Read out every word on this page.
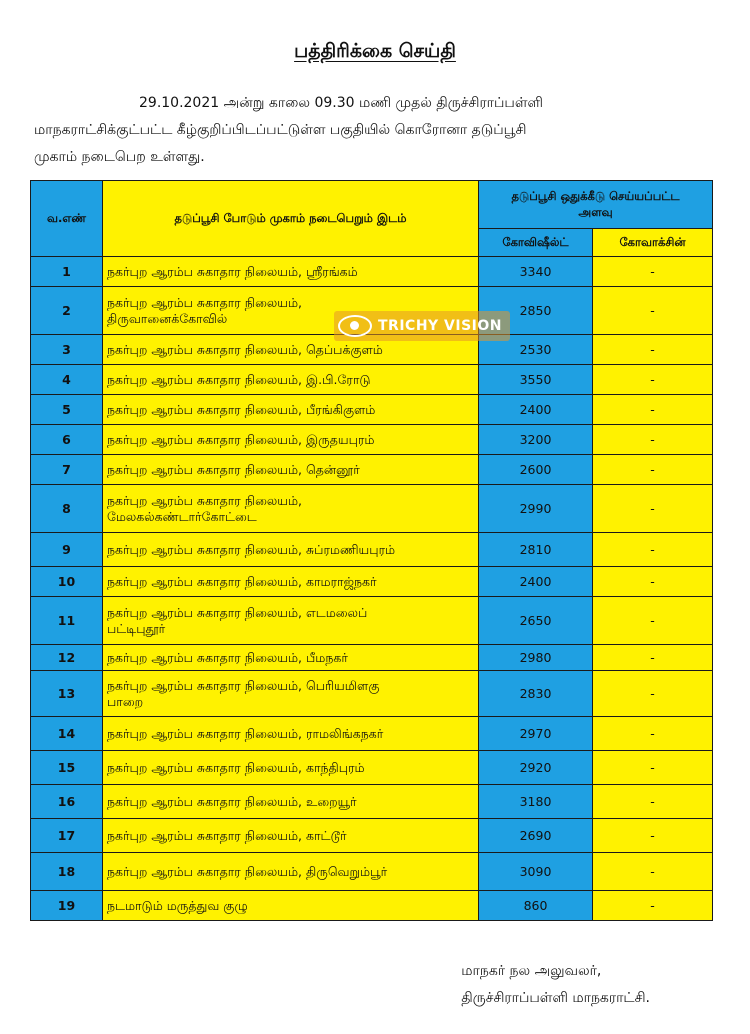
பத்திரிக்கை செய்தி
29.10.2021 அன்று காலை 09.30 மணி முதல் திருச்சிராப்பள்ளி
மாநகராட்சிக்குட்பட்ட கீழ்குறிப்பிடப்பட்டுள்ள பகுதியில் கொரோனா தடுப்பூசி
முகாம் நடைபெற உள்ளது.
வ.எண்	தடுப்பூசி போடும் முகாம் நடைபெறும் இடம்	தடுப்பூசி ஒதுக்கீடு செய்யப்பட்ட அளவு	
		கோவிஷீல்ட்	கோவாக்சின்
1	நகர்புற ஆரம்ப சுகாதார நிலையம், ஸ்ரீரங்கம்	3340	-
2	நகர்புற ஆரம்ப சுகாதார நிலையம்,
திருவானைக்கோவில்	2850	-
3	நகர்புற ஆரம்ப சுகாதார நிலையம், தெப்பக்குளம்	2530	-
4	நகர்புற ஆரம்ப சுகாதார நிலையம், இ.பி.ரோடு	3550	-
5	நகர்புற ஆரம்ப சுகாதார நிலையம், பீரங்கிகுளம்	2400	-
6	நகர்புற ஆரம்ப சுகாதார நிலையம், இருதயபுரம்	3200	-
7	நகர்புற ஆரம்ப சுகாதார நிலையம், தென்னூர்	2600	-
8	நகர்புற ஆரம்ப சுகாதார நிலையம்,
மேலகல்கண்டார்கோட்டை	2990	-
9	நகர்புற ஆரம்ப சுகாதார நிலையம், சுப்ரமணியபுரம்	2810	-
10	நகர்புற ஆரம்ப சுகாதார நிலையம், காமராஜ்நகர்	2400	-
11	நகர்புற ஆரம்ப சுகாதார நிலையம், எடமலைப்
பட்டிபுதூர்	2650	-
12	நகர்புற ஆரம்ப சுகாதார நிலையம், பீமநகர்	2980	-
13	நகர்புற ஆரம்ப சுகாதார நிலையம், பெரியமிளகு
பாறை	2830	-
14	நகர்புற ஆரம்ப சுகாதார நிலையம், ராமலிங்கநகர்	2970	-
15	நகர்புற ஆரம்ப சுகாதார நிலையம், காந்திபுரம்	2920	-
16	நகர்புற ஆரம்ப சுகாதார நிலையம், உறையூர்	3180	-
17	நகர்புற ஆரம்ப சுகாதார நிலையம், காட்டூர்	2690	-
18	நகர்புற ஆரம்ப சுகாதார நிலையம், திருவெறும்பூர்	3090	-
19	நடமாடும் மருத்துவ குழு	860	-
TRICHY VISION
மாநகர் நல அலுவலர்,
திருச்சிராப்பள்ளி மாநகராட்சி.
